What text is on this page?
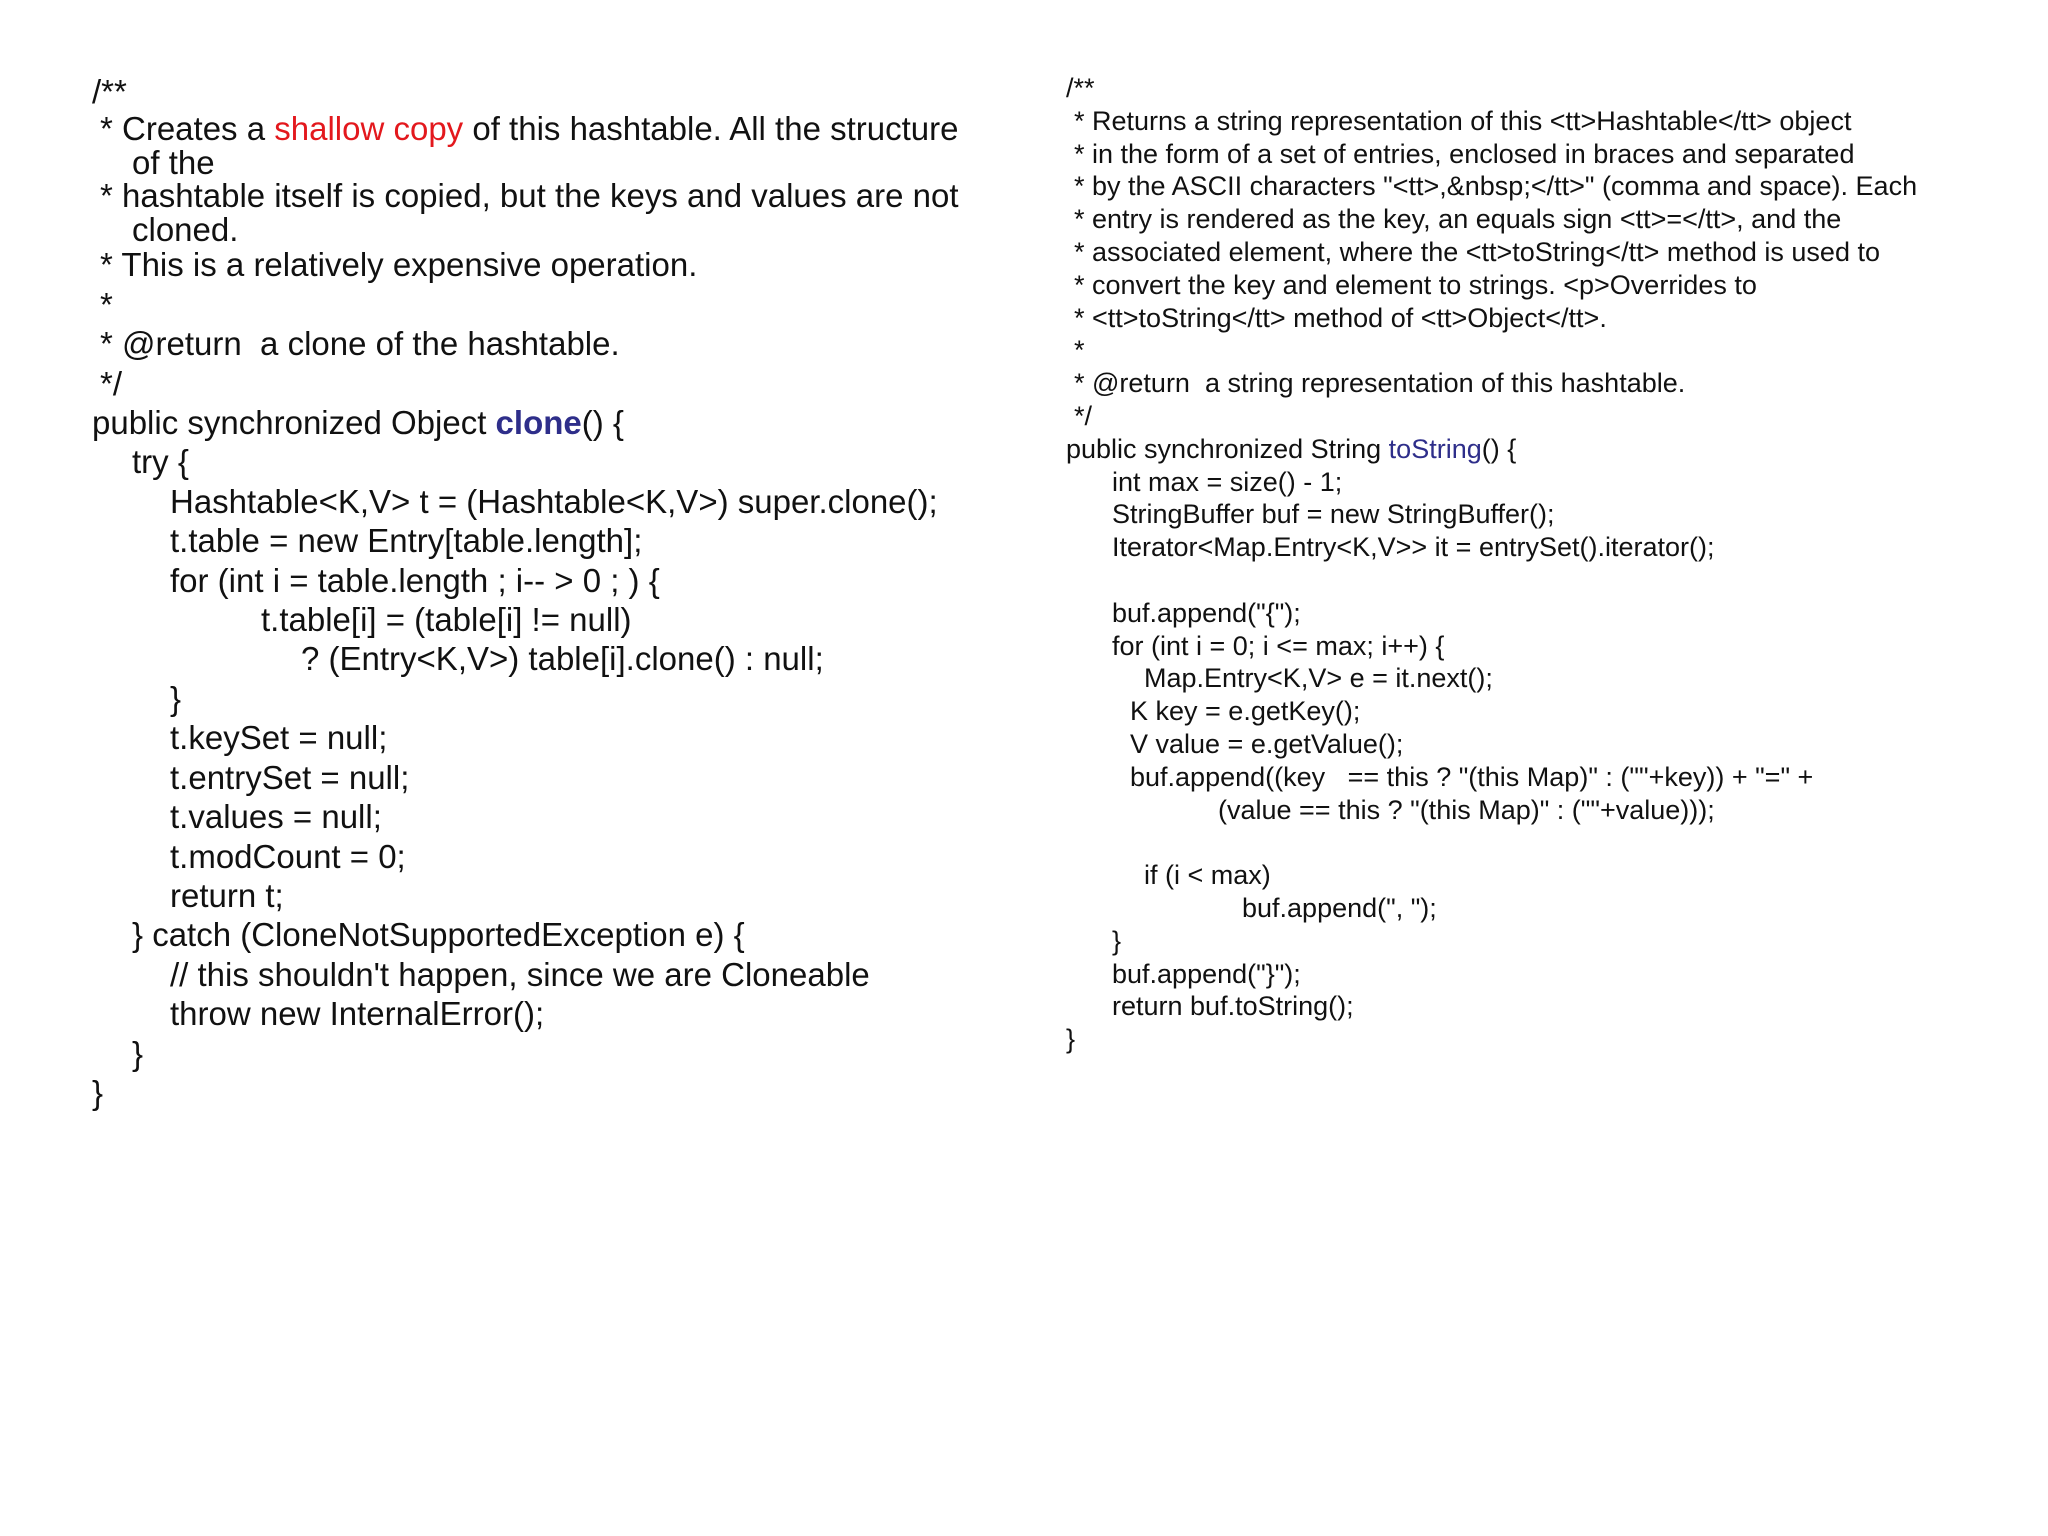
/**
* Creates a shallow copy of this hashtable. All the structure
of the
* hashtable itself is copied, but the keys and values are not
cloned.
* This is a relatively expensive operation.
*
* @return  a clone of the hashtable.
*/
public synchronized Object clone() {
try {
Hashtable<K,V> t = (Hashtable<K,V>) super.clone();
t.table = new Entry[table.length];
for (int i = table.length ; i-- > 0 ; ) {
t.table[i] = (table[i] != null)
? (Entry<K,V>) table[i].clone() : null;
}
t.keySet = null;
t.entrySet = null;
t.values = null;
t.modCount = 0;
return t;
} catch (CloneNotSupportedException e) {
// this shouldn't happen, since we are Cloneable
throw new InternalError();
}
}
/**
* Returns a string representation of this <tt>Hashtable</tt> object
* in the form of a set of entries, enclosed in braces and separated
* by the ASCII characters "<tt>,&nbsp;</tt>" (comma and space). Each
* entry is rendered as the key, an equals sign <tt>=</tt>, and the
* associated element, where the <tt>toString</tt> method is used to
* convert the key and element to strings. <p>Overrides to
* <tt>toString</tt> method of <tt>Object</tt>.
*
* @return  a string representation of this hashtable.
*/
public synchronized String toString() {
int max = size() - 1;
StringBuffer buf = new StringBuffer();
Iterator<Map.Entry<K,V>> it = entrySet().iterator();

buf.append("{");
for (int i = 0; i <= max; i++) {
Map.Entry<K,V> e = it.next();
K key = e.getKey();
V value = e.getValue();
buf.append((key   == this ? "(this Map)" : (""+key)) + "=" +
(value == this ? "(this Map)" : (""+value)));

if (i < max)
buf.append(", ");
}
buf.append("}");
return buf.toString();
}
